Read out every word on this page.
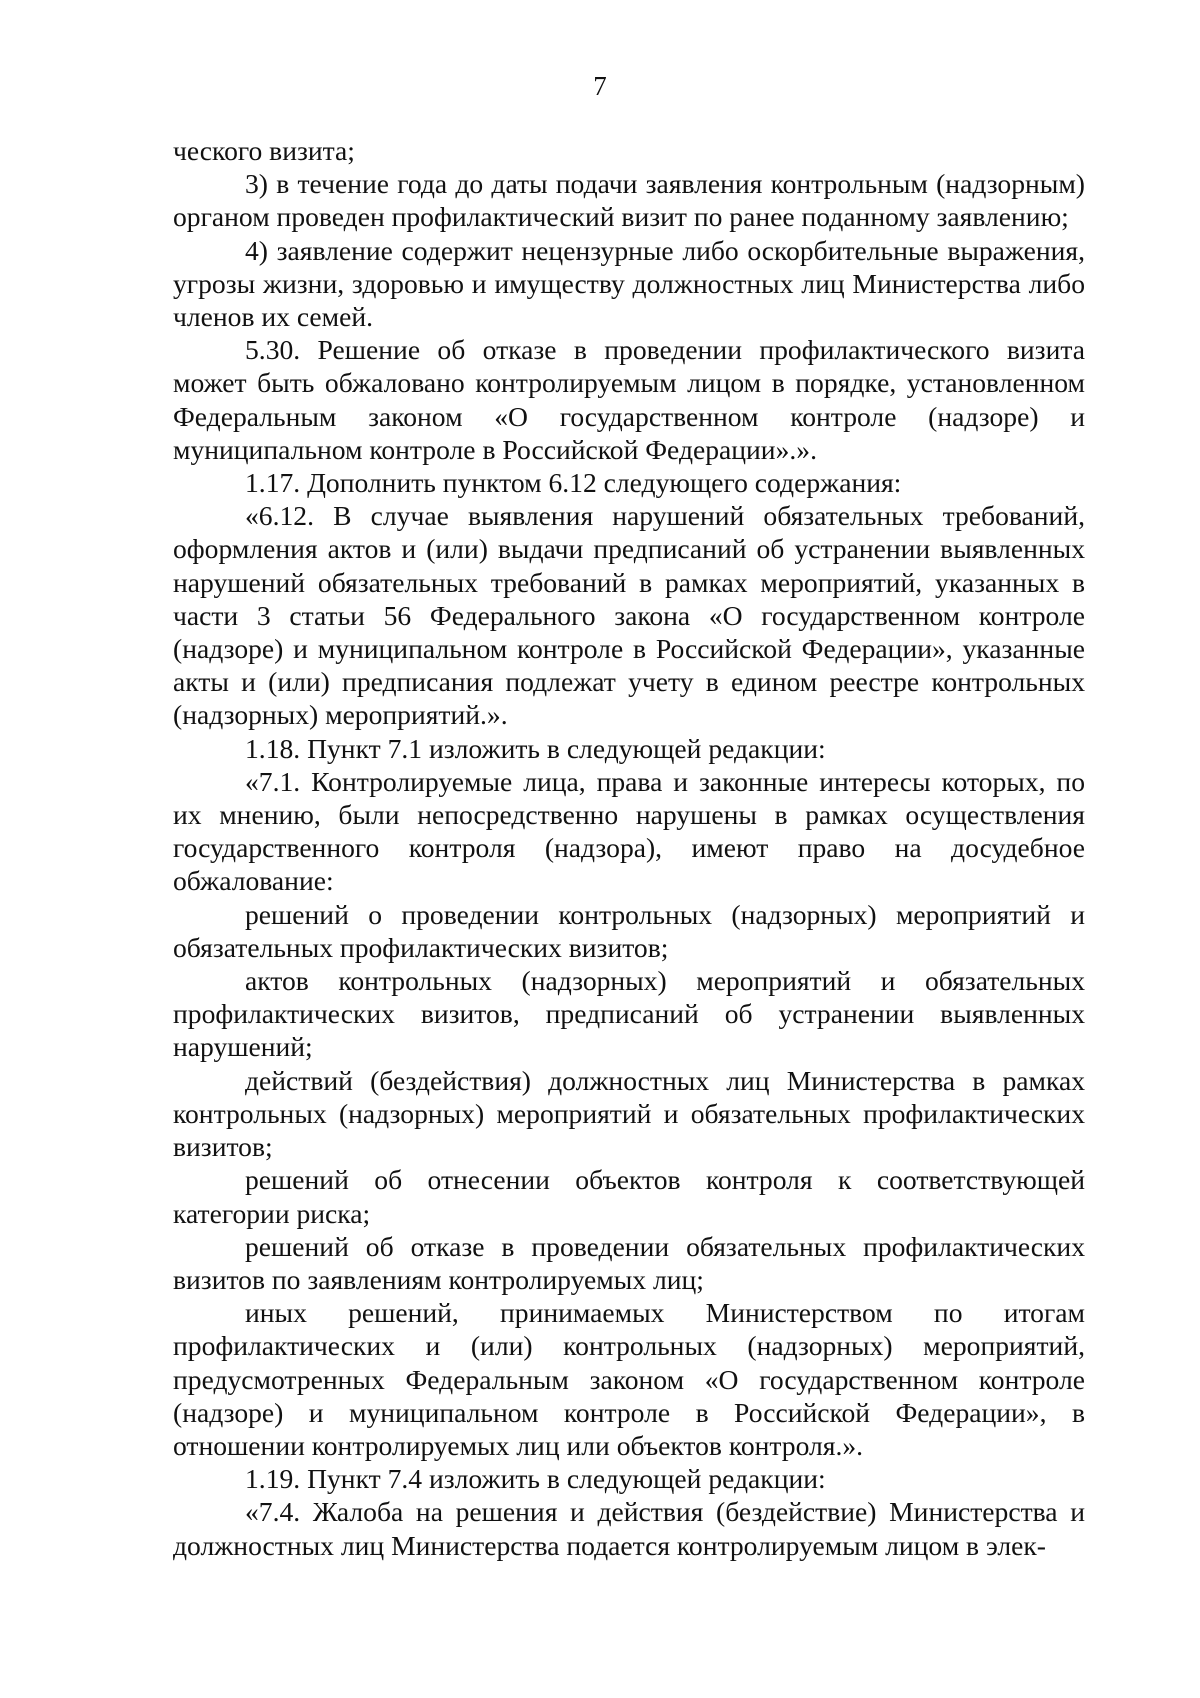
7

ческого визита;

3) в течение года до даты подачи заявления контрольным (надзорным) органом проведен профилактический визит по ранее поданному заявлению;

4) заявление содержит нецензурные либо оскорбительные выражения, угрозы жизни, здоровью и имуществу должностных лиц Министерства либо членов их семей.

5.30. Решение об отказе в проведении профилактического визита может быть обжаловано контролируемым лицом в порядке, установленном Федеральным законом «О государственном контроле (надзоре) и муниципальном контроле в Российской Федерации».».

1.17. Дополнить пунктом 6.12 следующего содержания:

«6.12. В случае выявления нарушений обязательных требований, оформления актов и (или) выдачи предписаний об устранении выявленных нарушений обязательных требований в рамках мероприятий, указанных в части 3 статьи 56 Федерального закона «О государственном контроле (надзоре) и муниципальном контроле в Российской Федерации», указанные акты и (или) предписания подлежат учету в едином реестре контрольных (надзорных) мероприятий.».

1.18. Пункт 7.1 изложить в следующей редакции:

«7.1. Контролируемые лица, права и законные интересы которых, по их мнению, были непосредственно нарушены в рамках осуществления государственного контроля (надзора), имеют право на досудебное обжалование:

решений о проведении контрольных (надзорных) мероприятий и обязательных профилактических визитов;

актов контрольных (надзорных) мероприятий и обязательных профилактических визитов, предписаний об устранении выявленных нарушений;

действий (бездействия) должностных лиц Министерства в рамках контрольных (надзорных) мероприятий и обязательных профилактических визитов;

решений об отнесении объектов контроля к соответствующей категории риска;

решений об отказе в проведении обязательных профилактических визитов по заявлениям контролируемых лиц;

иных решений, принимаемых Министерством по итогам профилактических и (или) контрольных (надзорных) мероприятий, предусмотренных Федеральным законом «О государственном контроле (надзоре) и муниципальном контроле в Российской Федерации», в отношении контролируемых лиц или объектов контроля.».

1.19. Пункт 7.4 изложить в следующей редакции:

«7.4. Жалоба на решения и действия (бездействие) Министерства и должностных лиц Министерства подается контролируемым лицом в элек-
